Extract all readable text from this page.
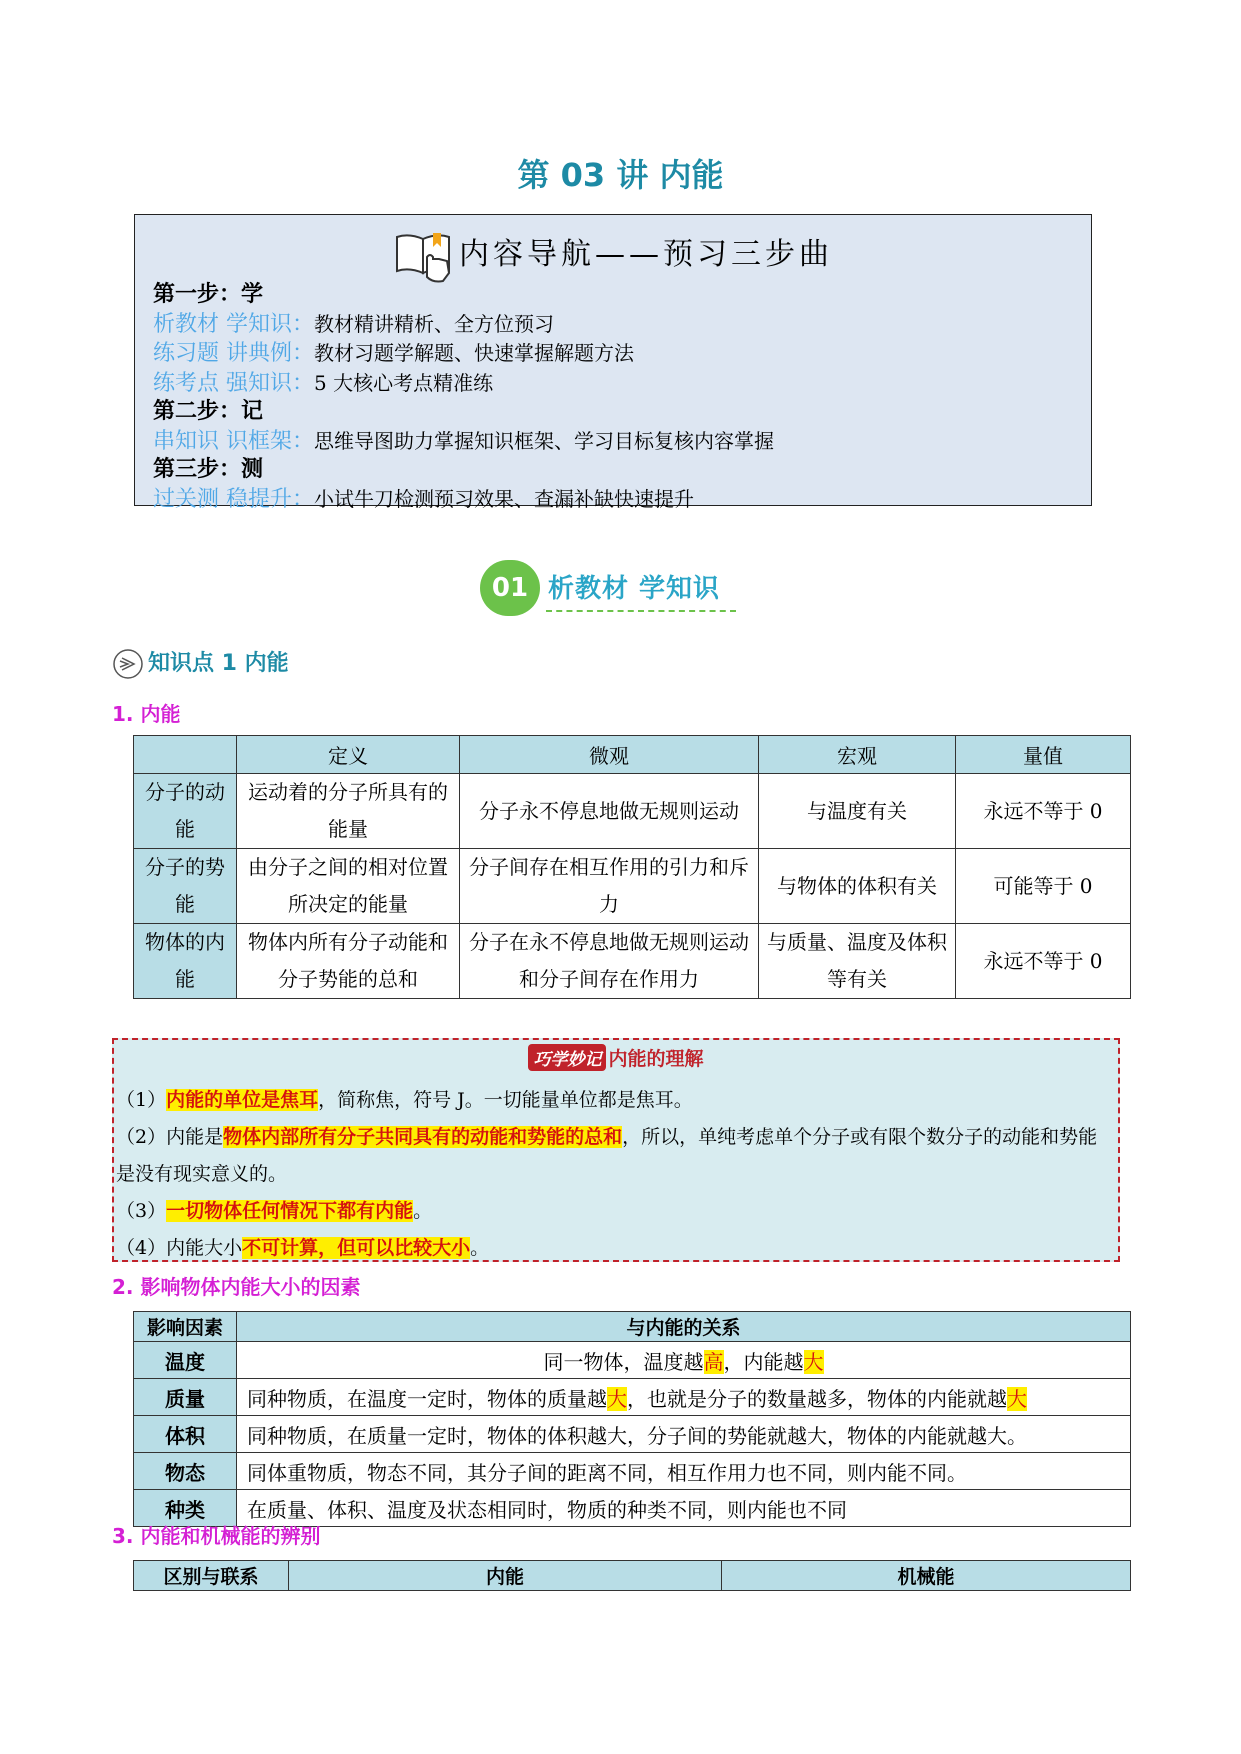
第 03 讲 内能
内容导航——预习三步曲
第一步：学
析教材 学知识：教材精讲精析、全方位预习
练习题 讲典例：教材习题学解题、快速掌握解题方法
练考点 强知识：5 大核心考点精准练
第二步：记
串知识 识框架：思维导图助力掌握知识框架、学习目标复核内容掌握
第三步：测
过关测 稳提升：小试牛刀检测预习效果、查漏补缺快速提升
01 析教材 学知识
知识点 1 内能
1. 内能
	定义	微观	宏观	量值
分子的动能	运动着的分子所具有的能量	分子永不停息地做无规则运动	与温度有关	永远不等于 0
分子的势能	由分子之间的相对位置所决定的能量	分子间存在相互作用的引力和斥力	与物体的体积有关	可能等于 0
物体的内能	物体内所有分子动能和分子势能的总和	分子在永不停息地做无规则运动和分子间存在作用力	与质量、温度及体积等有关	永远不等于 0
巧学妙记 内能的理解
（1）内能的单位是焦耳，简称焦，符号 J。一切能量单位都是焦耳。
（2）内能是物体内部所有分子共同具有的动能和势能的总和，所以，单纯考虑单个分子或有限个数分子的动能和势能是没有现实意义的。
（3）一切物体任何情况下都有内能。
（4）内能大小不可计算，但可以比较大小。
2. 影响物体内能大小的因素
影响因素	与内能的关系
温度	同一物体，温度越高，内能越大
质量	同种物质，在温度一定时，物体的质量越大，也就是分子的数量越多，物体的内能就越大
体积	同种物质，在质量一定时，物体的体积越大，分子间的势能就越大，物体的内能就越大。
物态	同体重物质，物态不同，其分子间的距离不同，相互作用力也不同，则内能不同。
种类	在质量、体积、温度及状态相同时，物质的种类不同，则内能也不同
3. 内能和机械能的辨别
区别与联系	内能	机械能
